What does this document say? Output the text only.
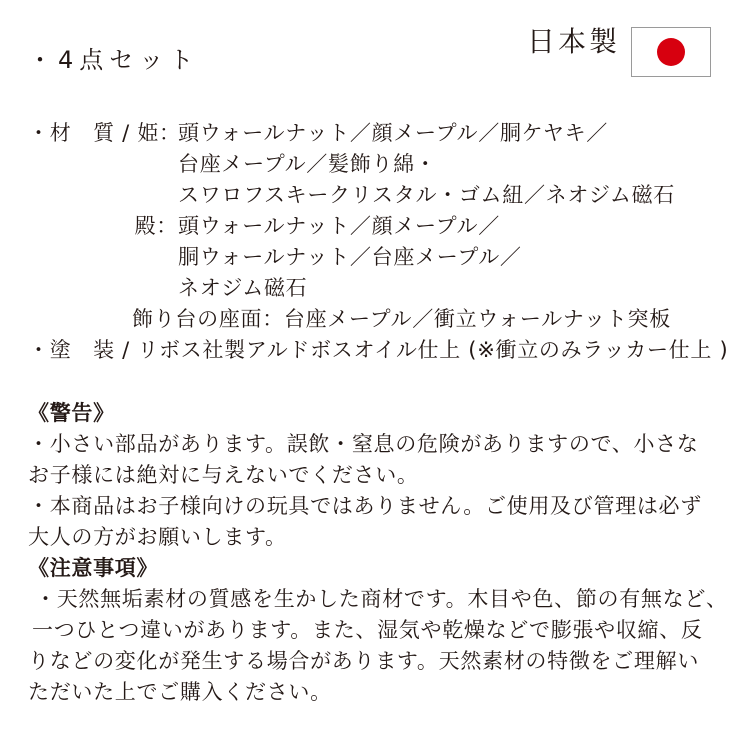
・4点セット
日本製
・材　質 / 姫：
頭ウォールナット／顔メープル／胴ケヤキ／
台座メープル／髪飾り綿・
スワロフスキークリスタル・ゴム紐／ネオジム磁石
殿： 頭ウォールナット／顔メープル／
胴ウォールナット／台座メープル／
ネオジム磁石
飾り台の座面： 台座メープル／衝立ウォールナット突板
・塗　装 / リボス社製アルドボスオイル仕上 (※衝立のみラッカー仕上 )
《警告》
・小さい部品があります。誤飲・窒息の危険がありますので、小さな
お子様には絶対に与えないでください。
・本商品はお子様向けの玩具ではありません。ご使用及び管理は必ず
大人の方がお願いします。
《注意事項》
・天然無垢素材の質感を生かした商材です。木目や色、節の有無など、
一つひとつ違いがあります。また、湿気や乾燥などで膨張や収縮、反
りなどの変化が発生する場合があります。天然素材の特徴をご理解い
ただいた上でご購入ください。
